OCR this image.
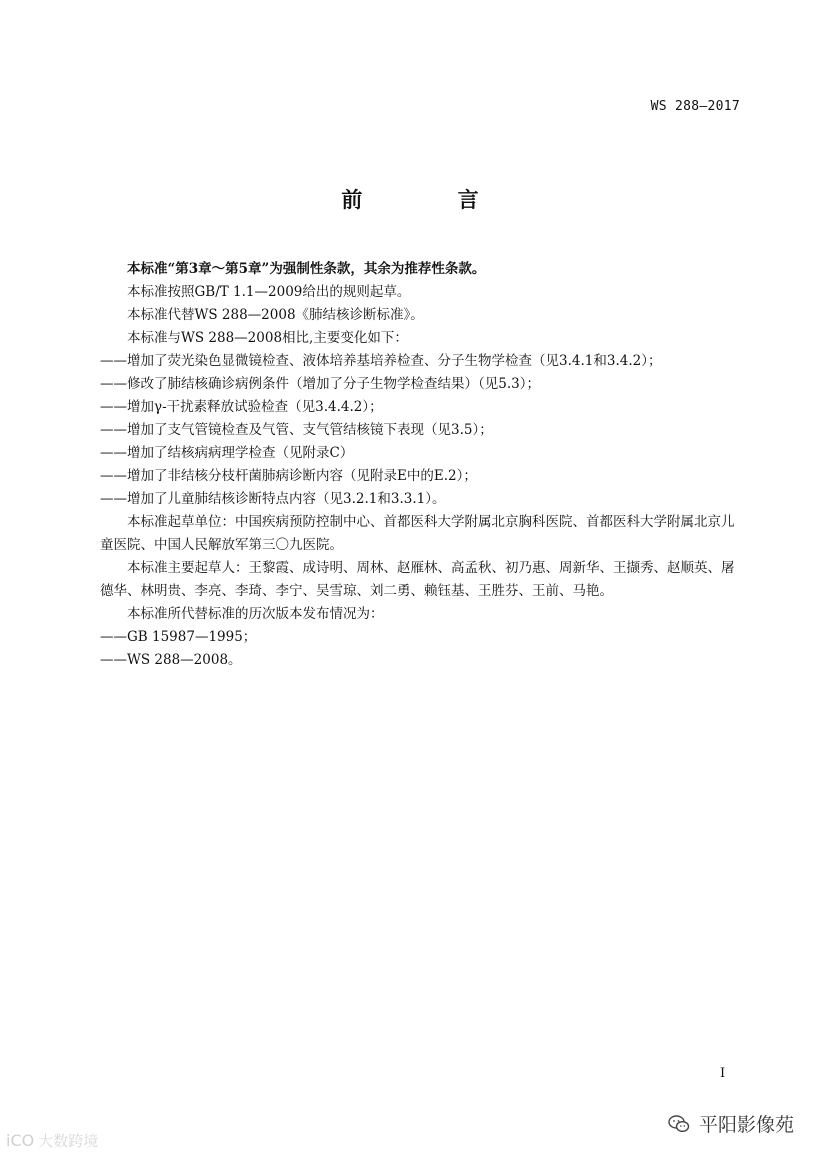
WS 288—2017
前 言

本标准“第3章～第5章”为强制性条款，其余为推荐性条款。

本标准按照GB/T 1.1—2009给出的规则起草。

本标准代替WS 288—2008《肺结核诊断标准》。

本标准与WS 288—2008相比,主要变化如下：

——增加了荧光染色显微镜检查、液体培养基培养检查、分子生物学检查（见3.4.1和3.4.2）；

——修改了肺结核确诊病例条件（增加了分子生物学检查结果）（见5.3）；

——增加γ-干扰素释放试验检查（见3.4.4.2）；

——增加了支气管镜检查及气管、支气管结核镜下表现（见3.5）；

——增加了结核病病理学检查（见附录C）

——增加了非结核分枝杆菌肺病诊断内容（见附录E中的E.2）；

——增加了儿童肺结核诊断特点内容（见3.2.1和3.3.1）。

本标准起草单位：中国疾病预防控制中心、首都医科大学附属北京胸科医院、首都医科大学附属北京儿童医院、中国人民解放军第三〇九医院。

本标准主要起草人：王黎霞、成诗明、周林、赵雁林、高孟秋、初乃惠、周新华、王撷秀、赵顺英、屠德华、林明贵、李亮、李琦、李宁、吴雪琼、刘二勇、赖钰基、王胜芬、王前、马艳。

本标准所代替标准的历次版本发布情况为：

——GB 15987—1995；

——WS 288—2008。

I
iCO 大数跨境
平阳影像苑
